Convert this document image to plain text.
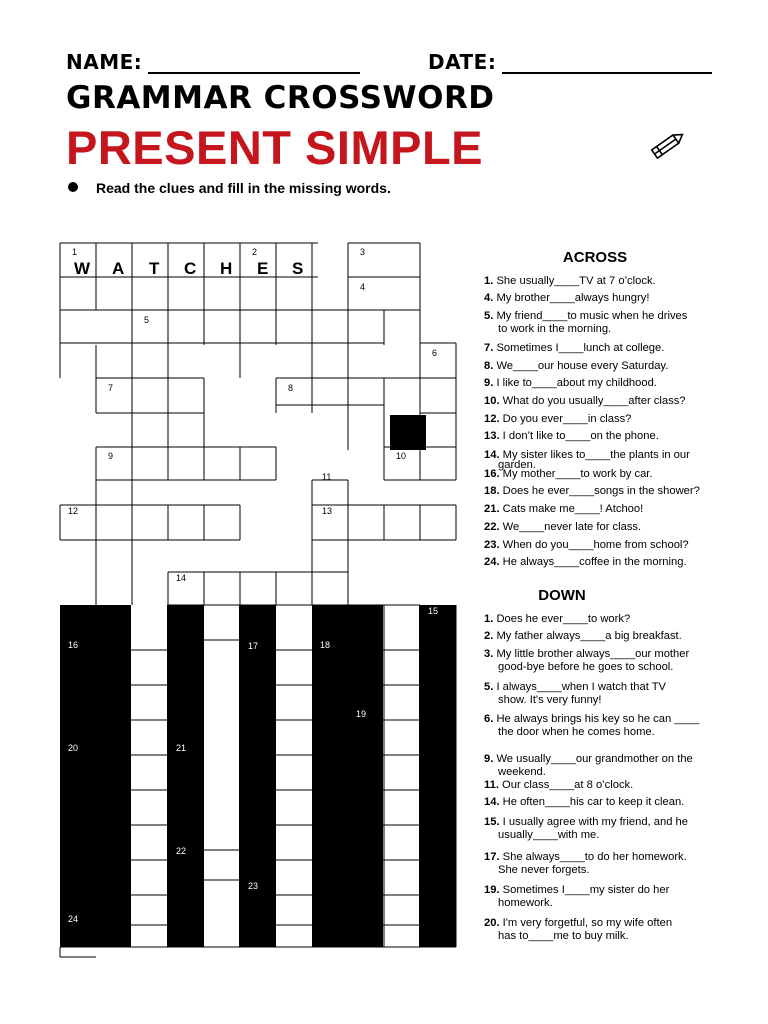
NAME:	DATE:
GRAMMAR CROSSWORD
PRESENT SIMPLE
Read the clues and fill in the missing words.
1	2	3
4
5
6
7	8
9	10
11
12	13
14
15
16	17	18
19
20	21
22
23
24
W A T C H E S
ACROSS
1. She usually____TV at 7 o’clock.
4. My brother____always hungry!
5. My friend____to music when he drives
to work in the morning.
7. Sometimes I____lunch at college.
8. We____our house every Saturday.
9. I like to____about my childhood.
10. What do you usually____after class?
12. Do you ever____in class?
13. I don’t like to____on the phone.
14. My sister likes to____the plants in our
garden.
16. My mother____to work by car.
18. Does he ever____songs in the shower?
21. Cats make me____! Atchoo!
22. We____never late for class.
23. When do you____home from school?
24. He always____coffee in the morning.
DOWN
1. Does he ever____to work?
2. My father always____a big breakfast.
3. My little brother always____our mother
good-bye before he goes to school.
5. I always____when I watch that TV
show. It's very funny!
6. He always brings his key so he can ____
the door when he comes home.
9. We usually____our grandmother on the
weekend.
11. Our class____at 8 o’clock.
14. He often____his car to keep it clean.
15. I usually agree with my friend, and he
usually____with me.
17. She always____to do her homework.
She never forgets.
19. Sometimes I____my sister do her
homework.
20. I'm very forgetful, so my wife often
has to____me to buy milk.
